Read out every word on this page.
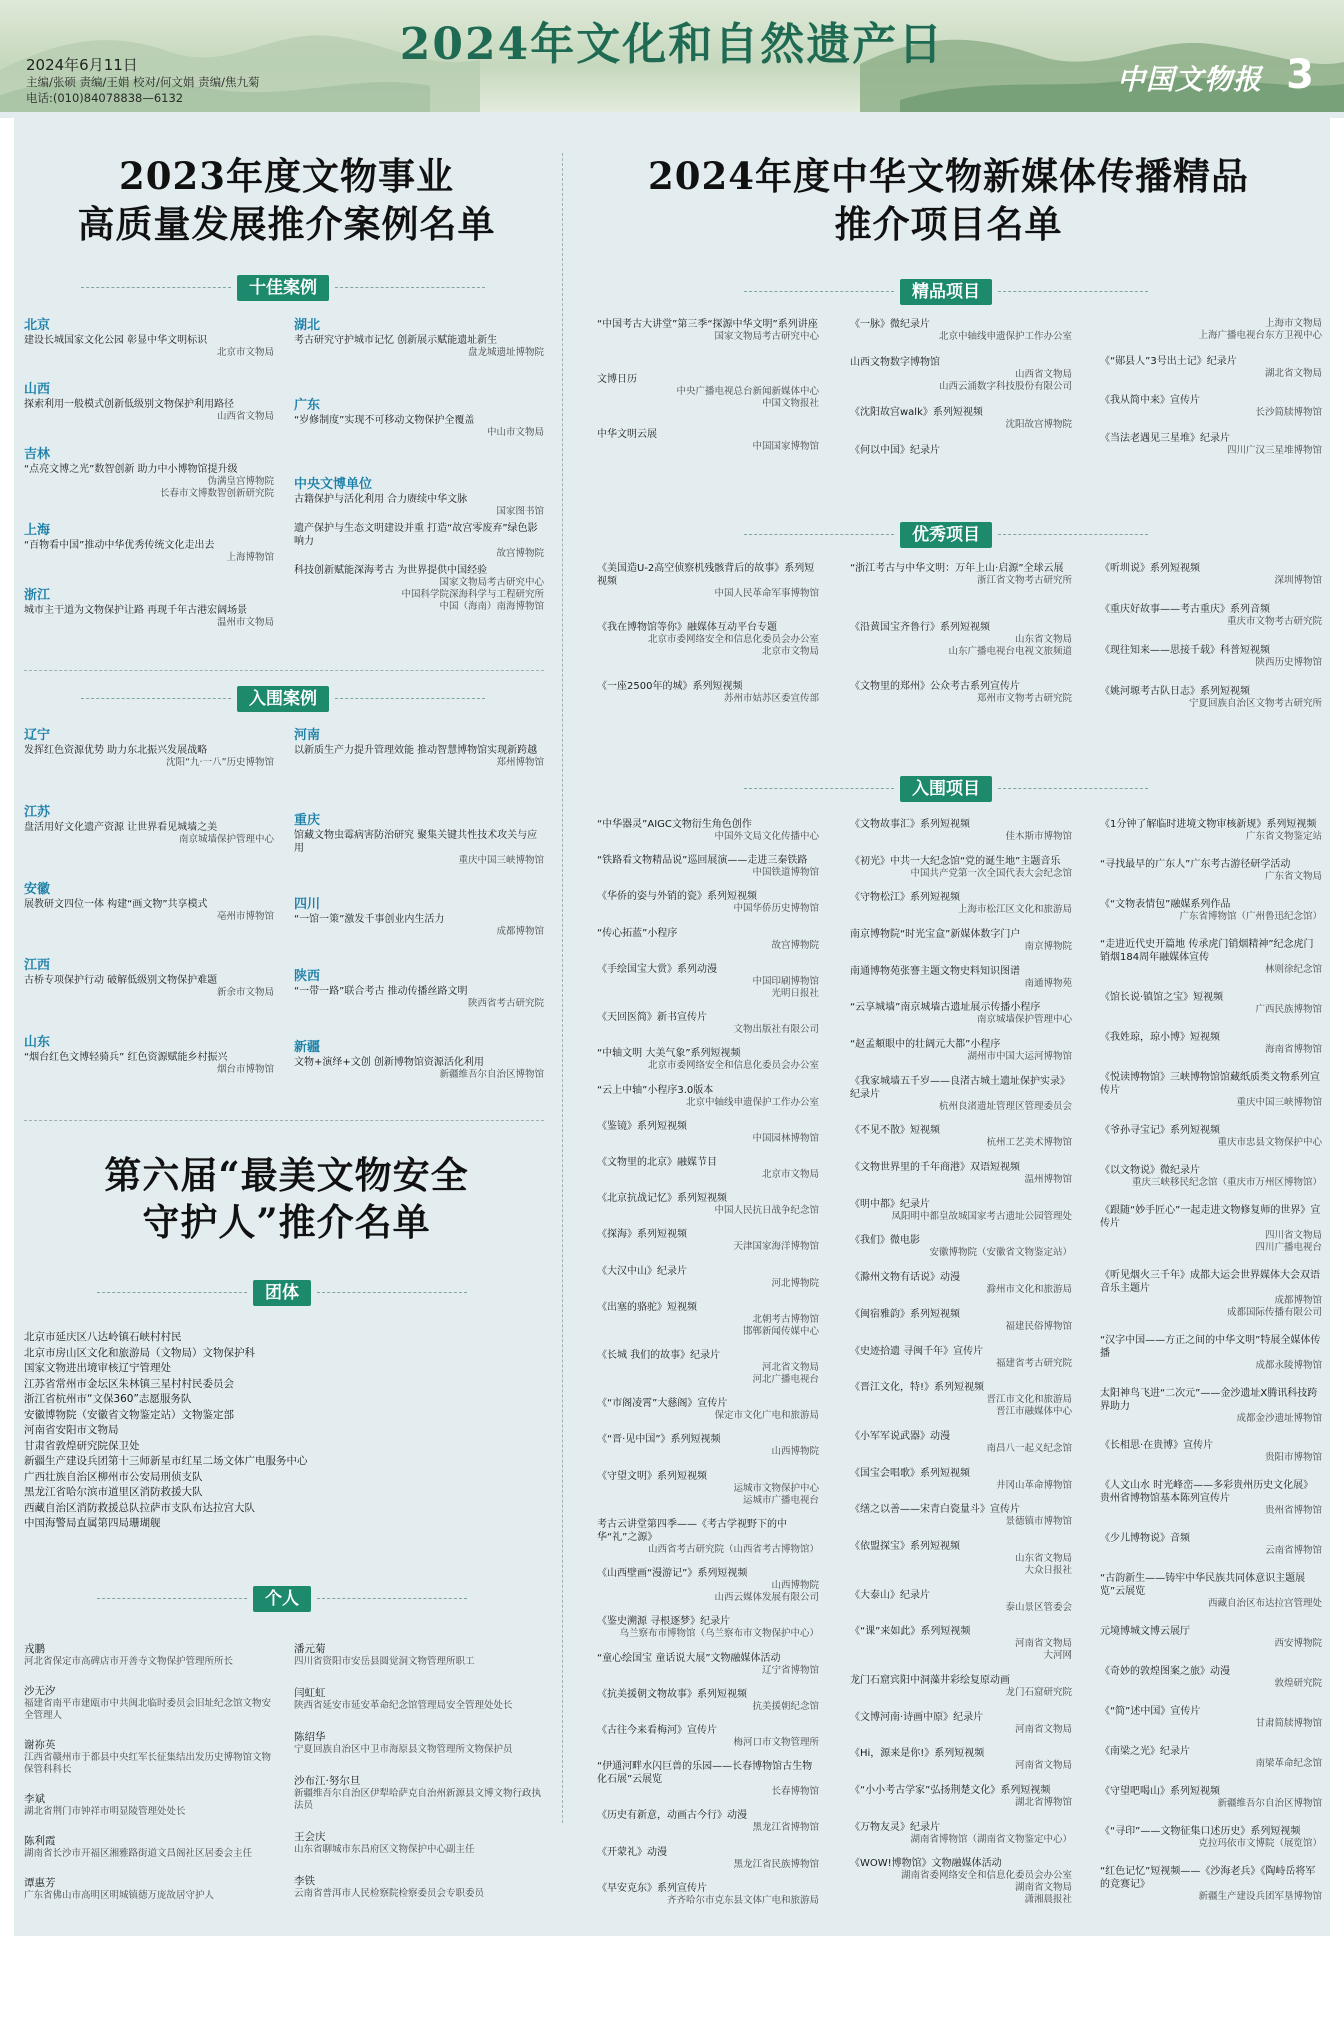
2024年文化和自然遗产日
2024年6月11日
主编/张硕 责编/王娟 校对/何文娟 责编/焦九菊
电话:(010)84078838—6132
中国文物报 3
2023年度文物事业
高质量发展推介案例名单
十佳案例
北京
建设长城国家文化公园 彰显中华文明标识
北京市文物局
山西
探索利用一般模式创新低级别文物保护利用路径
山西省文物局
吉林
“点亮文博之光”数智创新 助力中小博物馆提升级
伪满皇宫博物院
长春市文博数智创新研究院
上海
“百物看中国”推动中华优秀传统文化走出去
上海博物馆
浙江
城市主干道为文物保护让路 再现千年古港宏阔场景
温州市文物局
湖北
考古研究守护城市记忆 创新展示赋能遗址新生
盘龙城遗址博物院
广东
“岁修制度”实现不可移动文物保护全覆盖
中山市文物局
中央文博单位
古籍保护与活化利用 合力赓续中华文脉
国家图书馆
遗产保护与生态文明建设并重 打造“故宫零废弃”绿色影响力
故宫博物院
科技创新赋能深海考古 为世界提供中国经验
国家文物局考古研究中心
中国科学院深海科学与工程研究所
中国（海南）南海博物馆
入围案例
辽宁
发挥红色资源优势 助力东北振兴发展战略
沈阳“九·一八”历史博物馆
江苏
盘活用好文化遗产资源 让世界看见城墙之美
南京城墙保护管理中心
安徽
展教研文四位一体 构建“画文物”共享模式
亳州市博物馆
江西
古桥专项保护行动 破解低级别文物保护难题
新余市文物局
山东
“烟台红色文博轻骑兵” 红色资源赋能乡村振兴
烟台市博物馆
河南
以新质生产力提升管理效能 推动智慧博物馆实现新跨越
郑州博物馆
重庆
馆藏文物虫霉病害防治研究 聚集关键共性技术攻关与应用
重庆中国三峡博物馆
四川
“一馆一策”激发千事创业内生活力
成都博物馆
陕西
“一带一路”联合考古 推动传播丝路文明
陕西省考古研究院
新疆
文物+演绎+文创 创新博物馆资源活化利用
新疆维吾尔自治区博物馆
第六届“最美文物安全
守护人”推介名单
团体
北京市延庆区八达岭镇石峡村村民
北京市房山区文化和旅游局（文物局）文物保护科
国家文物进出境审核辽宁管理处
江苏省常州市金坛区朱林镇三星村村民委员会
浙江省杭州市“文保360”志愿服务队
安徽博物院（安徽省文物鉴定站）文物鉴定部
河南省安阳市文物局
甘肃省敦煌研究院保卫处
新疆生产建设兵团第十三师新星市红星二场文体广电服务中心
广西壮族自治区柳州市公安局刑侦支队
黑龙江省哈尔滨市道里区消防救援大队
西藏自治区消防救援总队拉萨市支队布达拉宫大队
中国海警局直属第四局珊瑚舰
个人
戎鹏
河北省保定市高碑店市开善寺文物保护管理所所长
沙无汐
福建省南平市建瓯市中共闽北临时委员会旧址纪念馆文物安全管理人
谢祢英
江西省赣州市于都县中央红军长征集结出发历史博物馆文物保管科科长
李斌
湖北省荆门市钟祥市明显陵管理处处长
陈利霞
湖南省长沙市开福区湘雅路街道文昌阁社区居委会主任
谭惠芳
广东省佛山市高明区明城镇德万庞故居守护人
潘元菊
四川省资阳市安岳县圆觉洞文物管理所职工
闫虹虹
陕西省延安市延安革命纪念馆管理局安全管理处处长
陈绍华
宁夏回族自治区中卫市海原县文物管理所文物保护员
沙布江·努尔旦
新疆维吾尔自治区伊犁哈萨克自治州新源县文博文物行政执法员
王会庆
山东省聊城市东昌府区文物保护中心副主任
李铁
云南省普洱市人民检察院检察委员会专职委员
2024年度中华文物新媒体传播精品
推介项目名单
精品项目
“中国考古大讲堂”第三季“探源中华文明”系列讲座
国家文物局考古研究中心
文博日历
中央广播电视总台新闻新媒体中心
中国文物报社
中华文明云展
中国国家博物馆
《一脉》微纪录片
北京中轴线申遗保护工作办公室
山西文物数字博物馆
山西省文物局
山西云涌数字科技股份有限公司
《沈阳故宫walk》系列短视频
沈阳故宫博物院
《何以中国》纪录片
上海市文物局
上海广播电视台东方卫视中心
《“郧县人”3号出土记》纪录片
湖北省文物局
《我从简中来》宣传片
长沙简牍博物馆
《当法老遇见三星堆》纪录片
四川广汉三星堆博物馆
优秀项目
《美国造U-2高空侦察机残骸背后的故事》系列短视频
中国人民革命军事博物馆
《我在博物馆等你》融媒体互动平台专题
北京市委网络安全和信息化委员会办公室
北京市文物局
《一座2500年的城》系列短视频
苏州市姑苏区委宣传部
“浙江考古与中华文明：万年上山·启源”全球云展
浙江省文物考古研究所
《沿黄国宝齐鲁行》系列短视频
山东省文物局
山东广播电视台电视文旅频道
《文物里的郑州》公众考古系列宣传片
郑州市文物考古研究院
《听圳说》系列短视频
深圳博物馆
《重庆好故事——考古重庆》系列音频
重庆市文物考古研究院
《现往知来——思接千载》科普短视频
陕西历史博物馆
《姚河塬考古队日志》系列短视频
宁夏回族自治区文物考古研究所
入围项目
“中华器灵”AIGC文物衍生角色创作
中国外文局文化传播中心
“铁路看文物精品说”巡回展演——走进三秦铁路
中国铁道博物馆
《华侨的姿与外销的瓷》系列短视频
中国华侨历史博物馆
“传心拓蓝”小程序
故宫博物院
《手绘国宝大赏》系列动漫
中国印刷博物馆
光明日报社
《天回医简》新书宣传片
文物出版社有限公司
“中轴文明 大美气象”系列短视频
北京市委网络安全和信息化委员会办公室
“云上中轴”小程序3.0版本
北京中轴线申遗保护工作办公室
《鉴镜》系列短视频
中国园林博物馆
《文物里的北京》融媒节目
北京市文物局
《北京抗战记忆》系列短视频
中国人民抗日战争纪念馆
《探海》系列短视频
天津国家海洋博物馆
《大汉中山》纪录片
河北博物院
《出塞的骆驼》短视频
北朝考古博物馆
邯郸新闻传媒中心
《长城 我们的故事》纪录片
河北省文物局
河北广播电视台
《“市阁凌霄”大慈阁》宣传片
保定市文化广电和旅游局
《“晋·见中国”》系列短视频
山西博物院
《守望文明》系列短视频
运城市文物保护中心
运城市广播电视台
考古云讲堂第四季——《考古学视野下的中华“礼”之源》
山西省考古研究院（山西省考古博物馆）
《山西壁画“漫游记”》系列短视频
山西博物院
山西云媒体发展有限公司
《鉴史溯源 寻根逐梦》纪录片
乌兰察布市博物馆（乌兰察布市文物保护中心）
“童心绘国宝 童话说大展”文物融媒体活动
辽宁省博物馆
《抗美援朝文物故事》系列短视频
抗美援朝纪念馆
《古往今来看梅河》宣传片
梅河口市文物管理所
“伊通河畔水闪巨兽的乐园——长春博物馆古生物化石展”云展览
长春博物馆
《历史有新意，动画古今行》动漫
黑龙江省博物馆
《开蒙礼》动漫
黑龙江省民族博物馆
《早安克东》系列宣传片
齐齐哈尔市克东县文体广电和旅游局
《文物故事汇》系列短视频
佳木斯市博物馆
《初光》中共一大纪念馆“党的诞生地”主题音乐
中国共产党第一次全国代表大会纪念馆
《守物松江》系列短视频
上海市松江区文化和旅游局
南京博物院“时光宝盒”新媒体数字门户
南京博物院
南通博物苑张謇主题文物史料知识图谱
南通博物苑
“云享城墙”南京城墙古遗址展示传播小程序
南京城墙保护管理中心
“赵孟頫眼中的壮阔元大都”小程序
湖州市中国大运河博物馆
《我家城墙五千岁——良渚古城土遗址保护实录》纪录片
杭州良渚遗址管理区管理委员会
《不见不散》短视频
杭州工艺美术博物馆
《文物世界里的千年商港》双语短视频
温州博物馆
《明中都》纪录片
凤阳明中都皇故城国家考古遗址公园管理处
《我们》微电影
安徽博物院（安徽省文物鉴定站）
《滁州文物有话说》动漫
滁州市文化和旅游局
《闽宿雅韵》系列短视频
福建民俗博物馆
《史迹拾遗 寻闽千年》宣传片
福建省考古研究院
《晋江文化，特!》系列短视频
晋江市文化和旅游局
晋江市融媒体中心
《小军军说武器》动漫
南昌八一起义纪念馆
《国宝会唱歌》系列短视频
井冈山革命博物馆
《缮之以善——宋青白瓷量斗》宣传片
景德镇市博物馆
《依盟探宝》系列短视频
山东省文物局
大众日报社
《大泰山》纪录片
泰山景区管委会
《“课”来如此》系列短视频
河南省文物局
大河网
龙门石窟宾阳中洞藻井彩绘复原动画
龙门石窟研究院
《文博河南·诗画中原》纪录片
河南省文物局
《Hi，源来是你!》系列短视频
河南省文物局
《“小小考古学家”弘扬荆楚文化》系列短视频
湖北省博物馆
《万物友灵》纪录片
湖南省博物馆（湖南省文物鉴定中心）
《WOW!博物馆》文物融媒体活动
湖南省委网络安全和信息化委员会办公室
湖南省文物局
潇湘晨报社
《1分钟了解临时进境文物审核新规》系列短视频
广东省文物鉴定站
“寻找最早的广东人”广东考古游径研学活动
广东省文物局
《“文物表情包”融媒系列作品
广东省博物馆（广州鲁迅纪念馆）
“走进近代史开篇地 传承虎门销烟精神”纪念虎门销烟184周年融媒体宣传
林则徐纪念馆
《馆长说·镇馆之宝》短视频
广西民族博物馆
《我姓琼，琼小博》短视频
海南省博物馆
《悦读博物馆》三峡博物馆馆藏纸质类文物系列宣传片
重庆中国三峡博物馆
《爷孙寻宝记》系列短视频
重庆市忠县文物保护中心
《以文物说》微纪录片
重庆三峡移民纪念馆（重庆市万州区博物馆）
《跟随“妙手匠心”一起走进文物修复师的世界》宣传片
四川省文物局
四川广播电视台
《听见烟火三千年》成都大运会世界媒体大会双语音乐主题片
成都博物馆
成都国际传播有限公司
“汉字中国——方正之间的中华文明”特展全媒体传播
成都永陵博物馆
太阳神鸟飞进“二次元”——金沙遗址X腾讯科技跨界助力
成都金沙遗址博物馆
《长相思·在贵博》宣传片
贵阳市博物馆
《人文山水 时光峰峦——多彩贵州历史文化展》贵州省博物馆基本陈列宣传片
贵州省博物馆
《少儿博物说》音频
云南省博物馆
“古韵新生——铸牢中华民族共同体意识主题展览”云展览
西藏自治区布达拉宫管理处
元境博城文博云展厅
西安博物院
《奇妙的敦煌图案之旅》动漫
敦煌研究院
《“简”述中国》宣传片
甘肃简牍博物馆
《南梁之光》纪录片
南梁革命纪念馆
《守望吧喝山》系列短视频
新疆维吾尔自治区博物馆
《“寻印”——文物征集口述历史》系列短视频
克拉玛依市文博院（展览馆）
“红色记忆”短视频——《沙海老兵》《陶峙岳将军的竞赛记》
新疆生产建设兵团军垦博物馆
